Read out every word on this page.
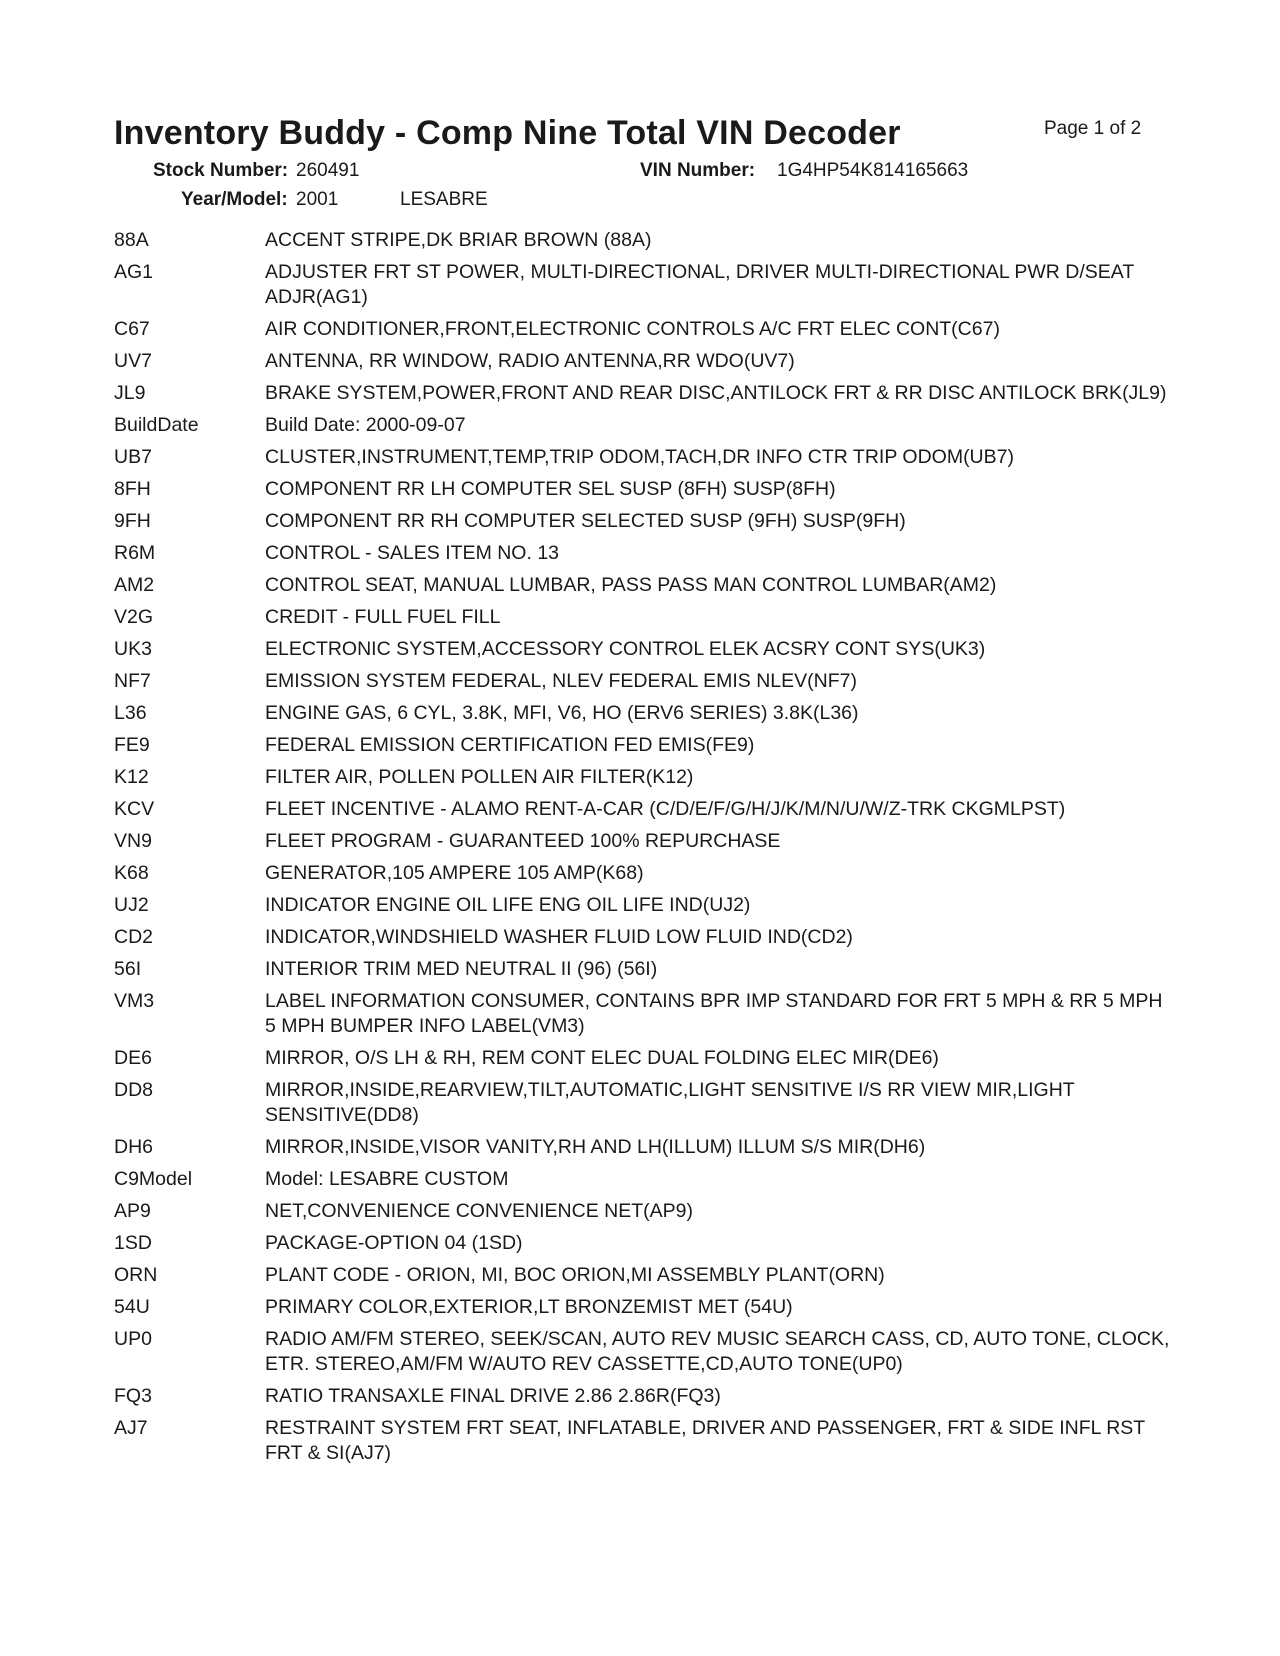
Inventory Buddy - Comp Nine Total VIN Decoder	Page 1 of 2
Stock Number: 260491	VIN Number: 1G4HP54K814165663
Year/Model: 2001	LESABRE
88A	ACCENT STRIPE,DK BRIAR BROWN (88A)
AG1	ADJUSTER FRT ST POWER, MULTI-DIRECTIONAL, DRIVER MULTI-DIRECTIONAL PWR D/SEAT ADJR(AG1)
C67	AIR CONDITIONER,FRONT,ELECTRONIC CONTROLS A/C FRT ELEC CONT(C67)
UV7	ANTENNA, RR WINDOW, RADIO ANTENNA,RR WDO(UV7)
JL9	BRAKE SYSTEM,POWER,FRONT AND REAR DISC,ANTILOCK FRT & RR DISC ANTILOCK BRK(JL9)
BuildDate	Build Date: 2000-09-07
UB7	CLUSTER,INSTRUMENT,TEMP,TRIP ODOM,TACH,DR INFO CTR TRIP ODOM(UB7)
8FH	COMPONENT RR LH COMPUTER SEL SUSP (8FH) SUSP(8FH)
9FH	COMPONENT RR RH COMPUTER SELECTED SUSP (9FH) SUSP(9FH)
R6M	CONTROL - SALES ITEM NO. 13
AM2	CONTROL SEAT, MANUAL LUMBAR, PASS PASS MAN CONTROL LUMBAR(AM2)
V2G	CREDIT - FULL FUEL FILL
UK3	ELECTRONIC SYSTEM,ACCESSORY CONTROL ELEK ACSRY CONT SYS(UK3)
NF7	EMISSION SYSTEM FEDERAL, NLEV FEDERAL EMIS NLEV(NF7)
L36	ENGINE GAS, 6 CYL, 3.8K, MFI, V6, HO (ERV6 SERIES) 3.8K(L36)
FE9	FEDERAL EMISSION CERTIFICATION FED EMIS(FE9)
K12	FILTER AIR, POLLEN POLLEN AIR FILTER(K12)
KCV	FLEET INCENTIVE - ALAMO RENT-A-CAR (C/D/E/F/G/H/J/K/M/N/U/W/Z-TRK CKGMLPST)
VN9	FLEET PROGRAM - GUARANTEED 100% REPURCHASE
K68	GENERATOR,105 AMPERE 105 AMP(K68)
UJ2	INDICATOR ENGINE OIL LIFE ENG OIL LIFE IND(UJ2)
CD2	INDICATOR,WINDSHIELD WASHER FLUID LOW FLUID IND(CD2)
56I	INTERIOR TRIM MED NEUTRAL II (96) (56I)
VM3	LABEL INFORMATION CONSUMER, CONTAINS BPR IMP STANDARD FOR FRT 5 MPH & RR 5 MPH 5 MPH BUMPER INFO LABEL(VM3)
DE6	MIRROR, O/S LH & RH, REM CONT ELEC DUAL FOLDING ELEC MIR(DE6)
DD8	MIRROR,INSIDE,REARVIEW,TILT,AUTOMATIC,LIGHT SENSITIVE I/S RR VIEW MIR,LIGHT SENSITIVE(DD8)
DH6	MIRROR,INSIDE,VISOR VANITY,RH AND LH(ILLUM) ILLUM S/S MIR(DH6)
C9Model	Model: LESABRE CUSTOM
AP9	NET,CONVENIENCE CONVENIENCE NET(AP9)
1SD	PACKAGE-OPTION 04 (1SD)
ORN	PLANT CODE - ORION, MI, BOC ORION,MI ASSEMBLY PLANT(ORN)
54U	PRIMARY COLOR,EXTERIOR,LT BRONZEMIST MET (54U)
UP0	RADIO AM/FM STEREO, SEEK/SCAN, AUTO REV MUSIC SEARCH CASS, CD, AUTO TONE, CLOCK, ETR. STEREO,AM/FM W/AUTO REV CASSETTE,CD,AUTO TONE(UP0)
FQ3	RATIO TRANSAXLE FINAL DRIVE 2.86 2.86R(FQ3)
AJ7	RESTRAINT SYSTEM FRT SEAT, INFLATABLE, DRIVER AND PASSENGER, FRT & SIDE INFL RST FRT & SI(AJ7)
